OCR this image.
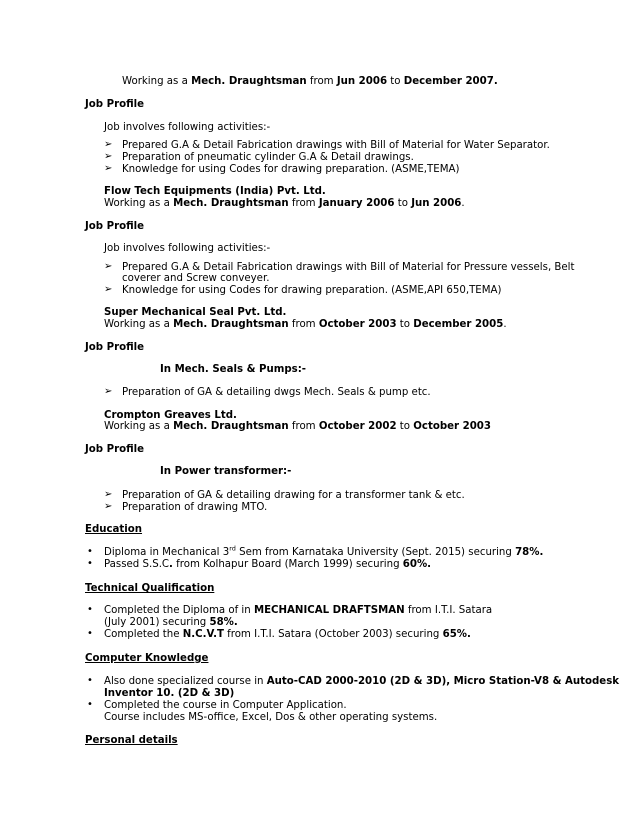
Working as a Mech. Draughtsman from Jun 2006 to December 2007.
Job Profile
Job involves following activities:-
➢ Prepared G.A & Detail Fabrication drawings with Bill of Material for Water Separator.
➢ Preparation of pneumatic cylinder G.A & Detail drawings.
➢ Knowledge for using Codes for drawing preparation. (ASME,TEMA)
Flow Tech Equipments (India) Pvt. Ltd.
Working as a Mech. Draughtsman from January 2006 to Jun 2006.
Job Profile
Job involves following activities:-
➢ Prepared G.A & Detail Fabrication drawings with Bill of Material for Pressure vessels, Belt
coverer and Screw conveyer.
➢ Knowledge for using Codes for drawing preparation. (ASME,API 650,TEMA)
Super Mechanical Seal Pvt. Ltd.
Working as a Mech. Draughtsman from October 2003 to December 2005.
Job Profile
In Mech. Seals & Pumps:-
➢ Preparation of GA & detailing dwgs Mech. Seals & pump etc.
Crompton Greaves Ltd.
Working as a Mech. Draughtsman from October 2002 to October 2003
Job Profile
In Power transformer:-
➢ Preparation of GA & detailing drawing for a transformer tank & etc.
➢ Preparation of drawing MTO.
Education
• Diploma in Mechanical 3rd Sem from Karnataka University (Sept. 2015) securing 78%.
• Passed S.S.C. from Kolhapur Board (March 1999) securing 60%.
Technical Qualification
• Completed the Diploma of in MECHANICAL DRAFTSMAN from I.T.I. Satara
(July 2001) securing 58%.
• Completed the N.C.V.T from I.T.I. Satara (October 2003) securing 65%.
Computer Knowledge
• Also done specialized course in Auto-CAD 2000-2010 (2D & 3D), Micro Station-V8 & Autodesk
Inventor 10. (2D & 3D)
• Completed the course in Computer Application.
Course includes MS-office, Excel, Dos & other operating systems.
Personal details
